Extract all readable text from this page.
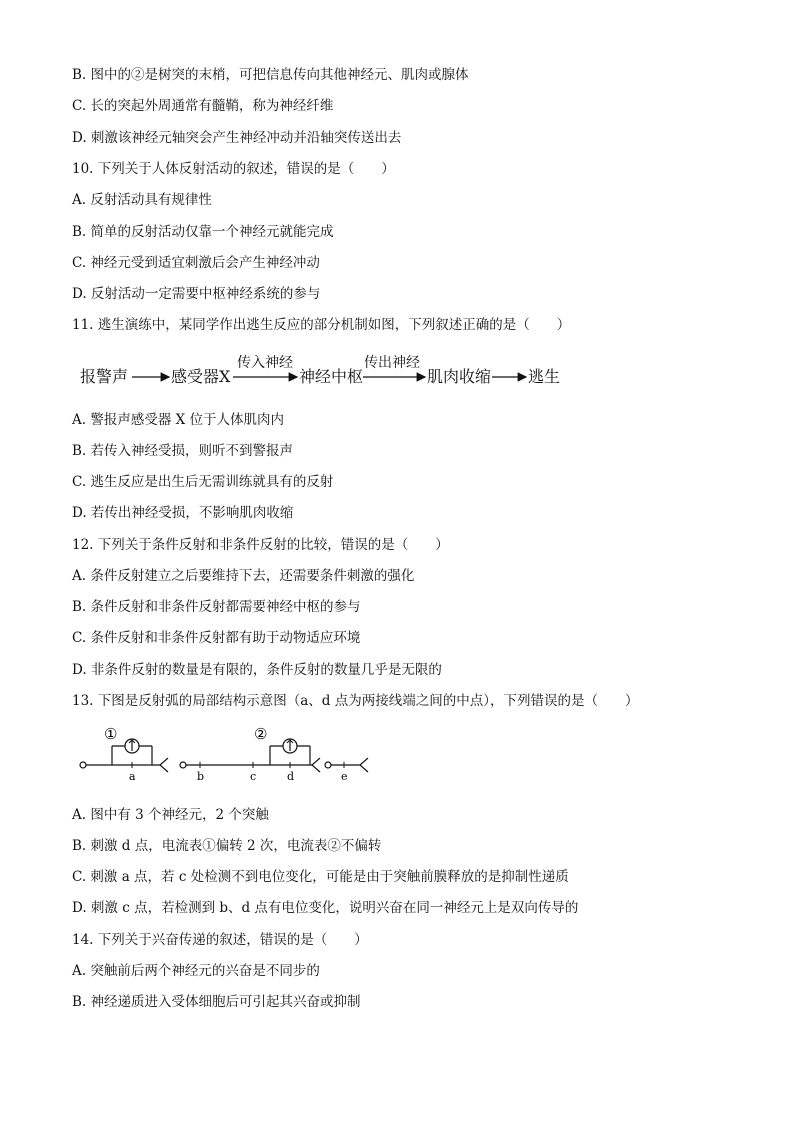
B. 图中的②是树突的末梢，可把信息传向其他神经元、肌肉或腺体
C. 长的突起外周通常有髓鞘，称为神经纤维
D. 刺激该神经元轴突会产生神经冲动并沿轴突传送出去
10. 下列关于人体反射活动的叙述，错误的是（　　）
A. 反射活动具有规律性
B. 简单的反射活动仅靠一个神经元就能完成
C. 神经元受到适宜刺激后会产生神经冲动
D. 反射活动一定需要中枢神经系统的参与
11. 逃生演练中，某同学作出逃生反应的部分机制如图，下列叙述正确的是（　　）
报警声	感受器X
传入神经
神经中枢
传出神经
肌肉收缩 逃生
A. 警报声感受器 X 位于人体肌肉内
B. 若传入神经受损，则听不到警报声
C. 逃生反应是出生后无需训练就具有的反射
D. 若传出神经受损，不影响肌肉收缩
12. 下列关于条件反射和非条件反射的比较，错误的是（　　）
A. 条件反射建立之后要维持下去，还需要条件刺激的强化
B. 条件反射和非条件反射都需要神经中枢的参与
C. 条件反射和非条件反射都有助于动物适应环境
D. 非条件反射的数量是有限的，条件反射的数量几乎是无限的
13. 下图是反射弧的局部结构示意图（a、d 点为两接线端之间的中点），下列错误的是（　　）
①
a	b	c
②
d	e
A. 图中有 3 个神经元，2 个突触
B. 刺激 d 点，电流表①偏转 2 次，电流表②不偏转
C. 刺激 a 点，若 c 处检测不到电位变化，可能是由于突触前膜释放的是抑制性递质
D. 刺激 c 点，若检测到 b、d 点有电位变化，说明兴奋在同一神经元上是双向传导的
14. 下列关于兴奋传递的叙述，错误的是（　　）
A. 突触前后两个神经元的兴奋是不同步的
B. 神经递质进入受体细胞后可引起其兴奋或抑制
